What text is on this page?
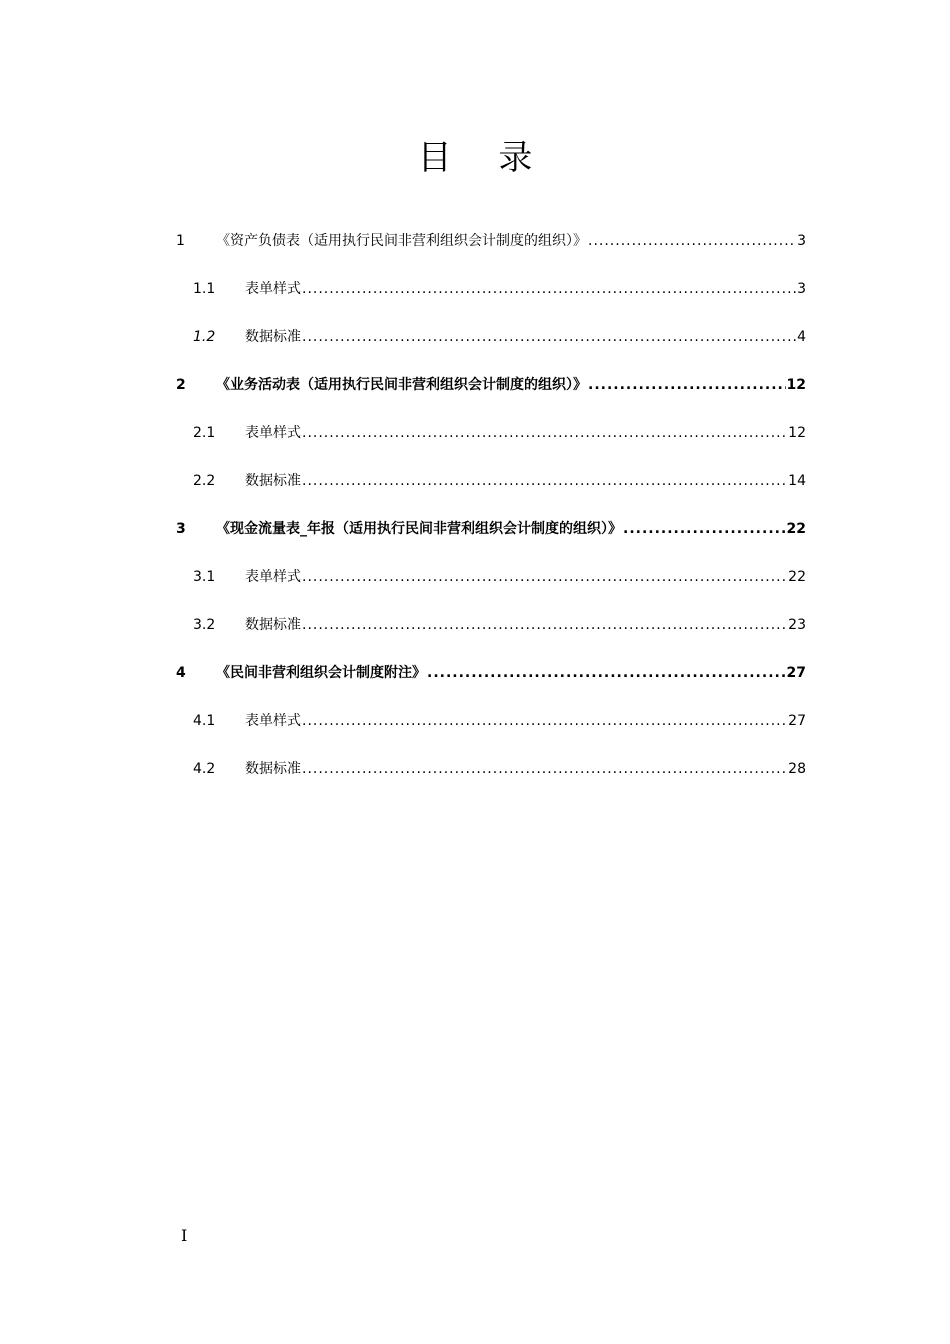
目 录
1	《资产负债表（适用执行民间非营利组织会计制度的组织）》 .....	3
1.1	表单样式 .....	3
1.2	数据标准 .....	4
2	《业务活动表（适用执行民间非营利组织会计制度的组织）》 .....	12
2.1	表单样式 .....	12
2.2	数据标准 .....	14
3	《现金流量表_年报（适用执行民间非营利组织会计制度的组织）》 .....	22
3.1	表单样式 .....	22
3.2	数据标准 .....	23
4	《民间非营利组织会计制度附注》 .....	27
4.1	表单样式 .....	27
4.2	数据标准 .....	28
I
